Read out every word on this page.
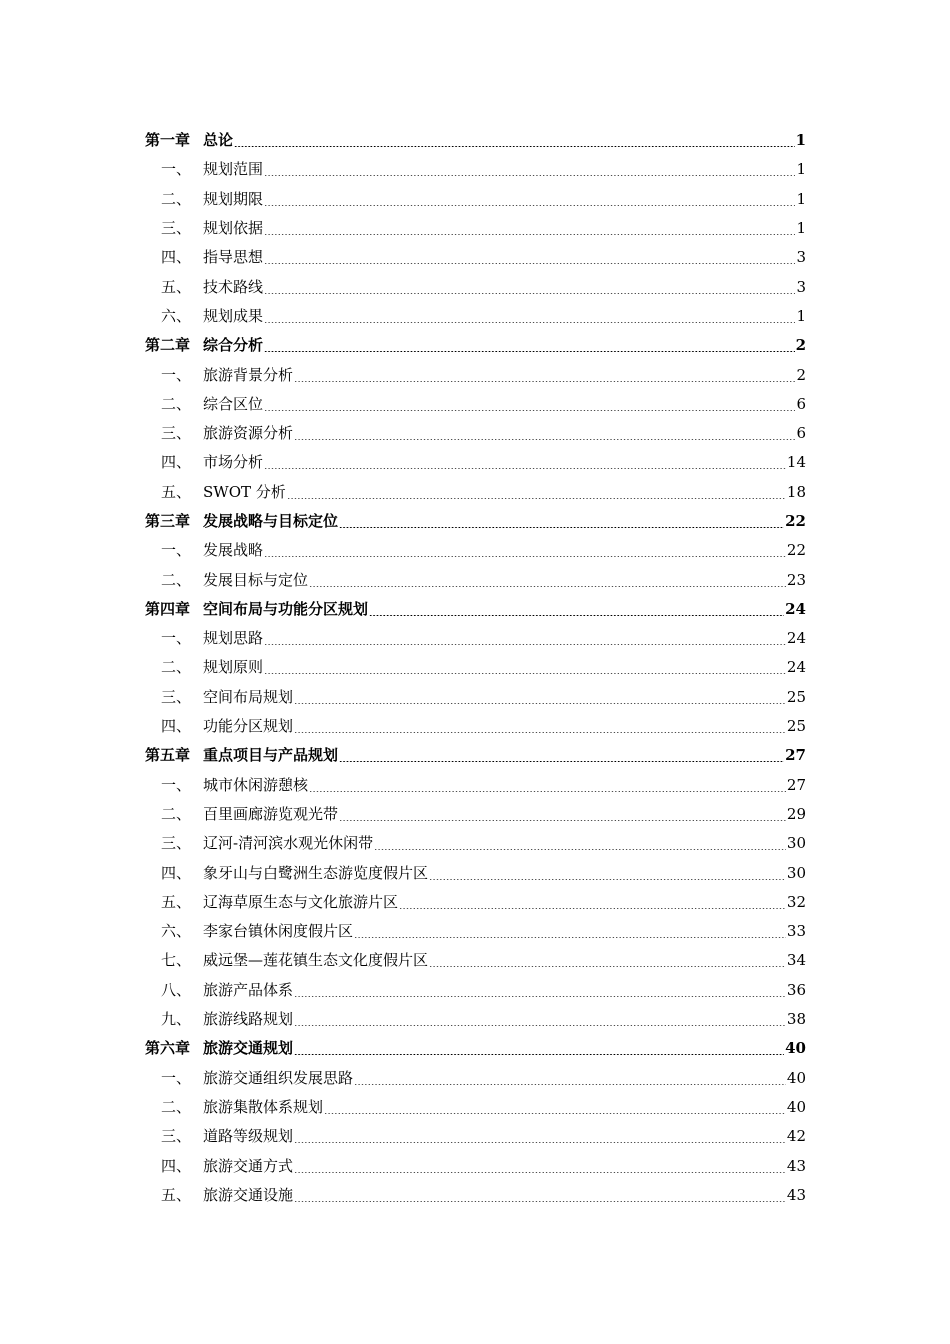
第一章 总论	1
一、 规划范围	1
二、 规划期限	1
三、 规划依据	1
四、 指导思想	3
五、 技术路线	3
六、 规划成果	1
第二章 综合分析	2
一、 旅游背景分析	2
二、 综合区位	6
三、 旅游资源分析	6
四、 市场分析	14
五、 SWOT 分析	18
第三章 发展战略与目标定位	22
一、 发展战略	22
二、 发展目标与定位	23
第四章 空间布局与功能分区规划	24
一、 规划思路	24
二、 规划原则	24
三、 空间布局规划	25
四、 功能分区规划	25
第五章 重点项目与产品规划	27
一、 城市休闲游憩核	27
二、 百里画廊游览观光带	29
三、 辽河-清河滨水观光休闲带	30
四、 象牙山与白鹭洲生态游览度假片区	30
五、 辽海草原生态与文化旅游片区	32
六、 李家台镇休闲度假片区	33
七、 威远堡—莲花镇生态文化度假片区	34
八、 旅游产品体系	36
九、 旅游线路规划	38
第六章 旅游交通规划	40
一、 旅游交通组织发展思路	40
二、 旅游集散体系规划	40
三、 道路等级规划	42
四、 旅游交通方式	43
五、 旅游交通设施	43
